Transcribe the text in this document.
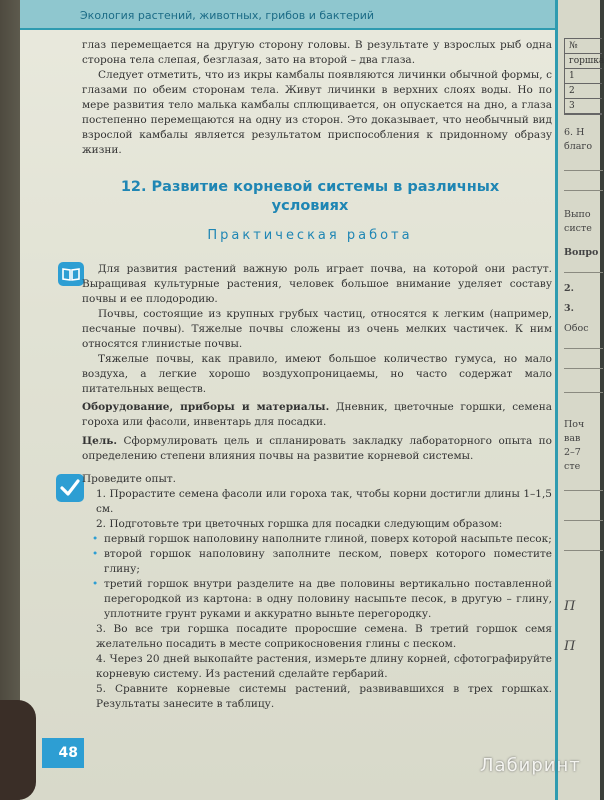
Экология растений, животных, грибов и бактерий

глаз перемещается на другую сторону головы. В результате у взрослых рыб одна сторона тела слепая, безглазая, зато на второй – два глаза.

Следует отметить, что из икры камбалы появляются личинки обычной формы, с глазами по обеим сторонам тела. Живут личинки в верхних слоях воды. Но по мере развития тело малька камбалы сплющивается, он опускается на дно, а глаза постепенно перемещаются на одну из сторон. Это доказывает, что необычный вид взрослой камбалы является результатом приспособления к придонному образу жизни.

12. Развитие корневой системы в различных условиях
Практическая работа

Для развития растений важную роль играет почва, на которой они растут. Выращивая культурные растения, человек большое внимание уделяет составу почвы и ее плодородию.

Почвы, состоящие из крупных грубых частиц, относятся к легким (например, песчаные почвы). Тяжелые почвы сложены из очень мелких частичек. К ним относятся глинистые почвы.

Тяжелые почвы, как правило, имеют большое количество гумуса, но мало воздуха, а легкие хорошо воздухопроницаемы, но часто содержат мало питательных веществ.

Оборудование, приборы и материалы. Дневник, цветочные горшки, семена гороха или фасоли, инвентарь для посадки.

Цель. Сформулировать цель и спланировать закладку лабораторного опыта по определению степени влияния почвы на развитие корневой системы.

Проведите опыт.

1. Прорастите семена фасоли или гороха так, чтобы корни достигли длины 1–1,5 см.

2. Подготовьте три цветочных горшка для посадки следующим образом:

• первый горшок наполовину наполните глиной, поверх которой насыпьте песок;

• второй горшок наполовину заполните песком, поверх которого поместите глину;

• третий горшок внутри разделите на две половины вертикально поставленной перегородкой из картона: в одну половину насыпьте песок, в другую – глину, уплотните грунт руками и аккуратно выньте перегородку.

3. Во все три горшка посадите проросшие семена. В третий горшок семя желательно посадить в месте соприкосновения глины с песком.

4. Через 20 дней выкопайте растения, измерьте длину корней, сфотографируйте корневую систему. Из растений сделайте гербарий.

5. Сравните корневые системы растений, развивавшихся в трех горшках. Результаты занесите в таблицу.

48
№
горшка
1
2
3
6. Н
благо
Выпо
систе
Вопро
2.
3.
Обос
Поч
вав
2–7
сте
П
П
Лабиринт
